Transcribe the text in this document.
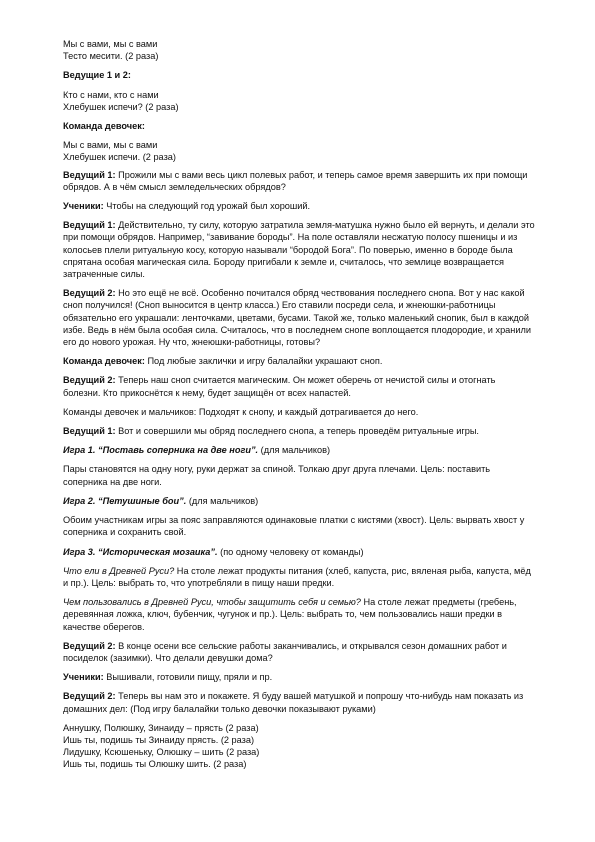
Мы с вами, мы с вами
Тесто месити. (2 раза)

Ведущие 1 и 2:

Кто с нами, кто с нами
Хлебушек испечи? (2 раза)

Команда девочек:

Мы с вами, мы с вами
Хлебушек испечи. (2 раза)

Ведущий 1: Прожили мы с вами весь цикл полевых работ, и теперь самое время завершить их при помощи обрядов. А в чём смысл земледельческих обрядов?

Ученики: Чтобы на следующий год урожай был хороший.

Ведущий 1: Действительно, ту силу, которую затратила земля-матушка нужно было ей вернуть, и делали это при помощи обрядов. Например, “завивание бороды”. На поле оставляли несжатую полосу пшеницы и из колосьев плели ритуальную косу, которую называли “бородой Бога”. По поверью, именно в бороде была спрятана особая магическая сила. Бороду пригибали к земле и, считалось, что землице возвращается затраченные силы.

Ведущий 2: Но это ещё не всё. Особенно почитался обряд чествования последнего снопа. Вот у нас какой сноп получился! (Сноп выносится в центр класса.) Его ставили посреди села, и жнеюшки-работницы обязательно его украшали: ленточками, цветами, бусами. Такой же, только маленький снопик, был в каждой избе. Ведь в нём была особая сила. Считалось, что в последнем снопе воплощается плодородие, и хранили его до нового урожая. Ну что, жнеюшки-работницы, готовы?

Команда девочек: Под любые заклички и игру балалайки украшают сноп.

Ведущий 2: Теперь наш сноп считается магическим. Он может оберечь от нечистой силы и отогнать болезни. Кто прикоснётся к нему, будет защищён от всех напастей.

Команды девочек и мальчиков: Подходят к снопу, и каждый дотрагивается до него.

Ведущий 1: Вот и совершили мы обряд последнего снопа, а теперь проведём ритуальные игры.

Игра 1. “Поставь соперника на две ноги”. (для мальчиков)

Пары становятся на одну ногу, руки держат за спиной. Толкаю друг друга плечами. Цель: поставить соперника на две ноги.

Игра 2. “Петушиные бои”. (для мальчиков)

Обоим участникам игры за пояс заправляются одинаковые платки с кистями (хвост). Цель: вырвать хвост у соперника и сохранить свой.

Игра 3. “Историческая мозаика”. (по одному человеку от команды)

Что ели в Древней Руси? На столе лежат продукты питания (хлеб, капуста, рис, вяленая рыба, капуста, мёд и пр.). Цель: выбрать то, что употребляли в пищу наши предки.

Чем пользовались в Древней Руси, чтобы защитить себя и семью? На столе лежат предметы (гребень, деревянная ложка, ключ, бубенчик, чугунок и пр.). Цель: выбрать то, чем пользовались наши предки в качестве оберегов.

Ведущий 2: В конце осени все сельские работы заканчивались, и открывался сезон домашних работ и посиделок (зазимки). Что делали девушки дома?

Ученики: Вышивали, готовили пищу, пряли и пр.

Ведущий 2: Теперь вы нам это и покажете. Я буду вашей матушкой и попрошу что-нибудь нам показать из домашних дел: (Под игру балалайки только девочки показывают руками)

Аннушку, Полюшку, Зинаиду – прясть (2 раза)
Ишь ты, подишь ты Зинаиду прясть. (2 раза)
Лидушку, Ксюшеньку, Олюшку – шить (2 раза)
Ишь ты, подишь ты Олюшку шить. (2 раза)
